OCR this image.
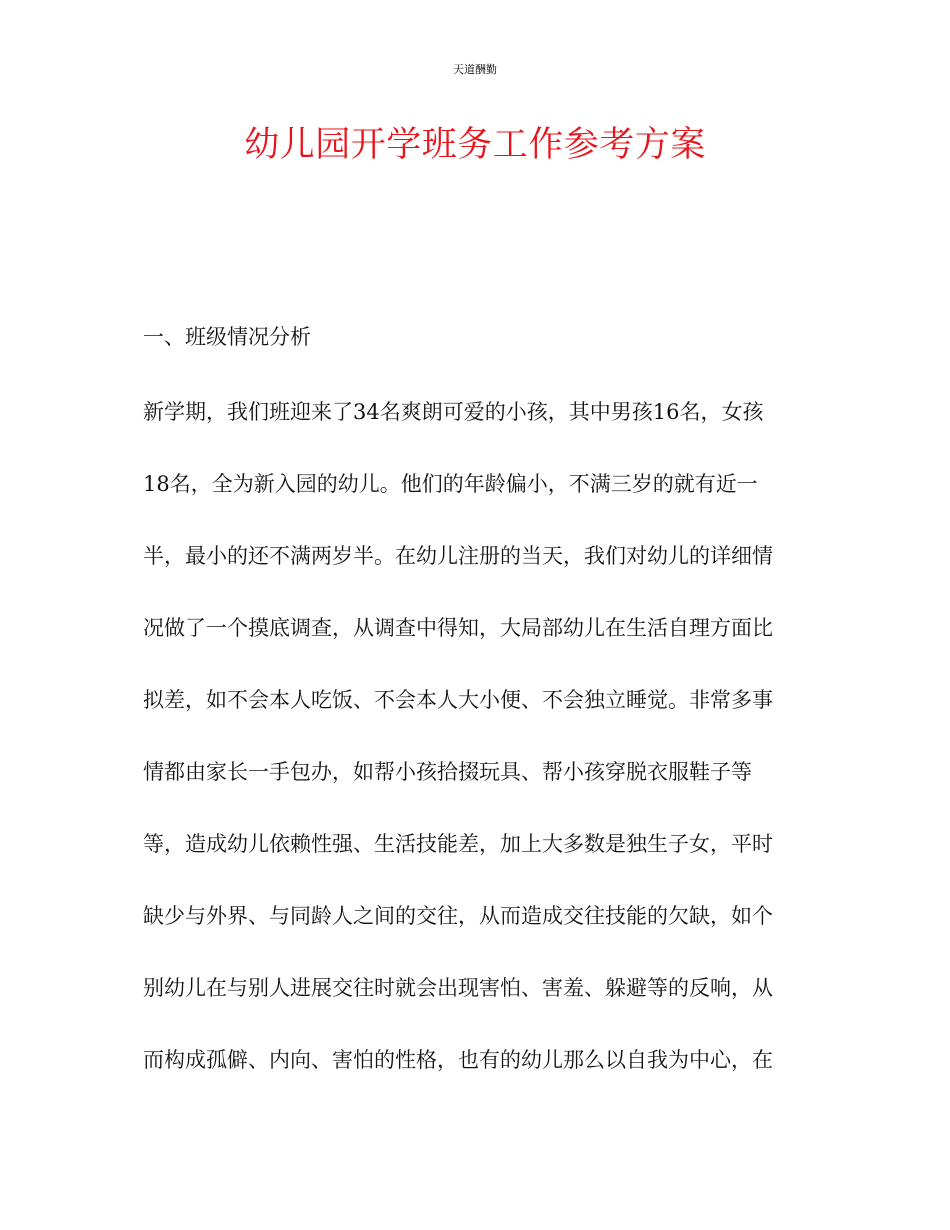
天道酬勤
幼儿园开学班务工作参考方案
一、班级情况分析
新学期，我们班迎来了34名爽朗可爱的小孩，其中男孩16名，女孩
18名，全为新入园的幼儿。他们的年龄偏小，不满三岁的就有近一
半，最小的还不满两岁半。在幼儿注册的当天，我们对幼儿的详细情
况做了一个摸底调查，从调查中得知，大局部幼儿在生活自理方面比
拟差，如不会本人吃饭、不会本人大小便、不会独立睡觉。非常多事
情都由家长一手包办，如帮小孩拾掇玩具、帮小孩穿脱衣服鞋子等
等，造成幼儿依赖性强、生活技能差，加上大多数是独生子女，平时
缺少与外界、与同龄人之间的交往，从而造成交往技能的欠缺，如个
别幼儿在与别人进展交往时就会出现害怕、害羞、躲避等的反响，从
而构成孤僻、内向、害怕的性格，也有的幼儿那么以自我为中心，在
